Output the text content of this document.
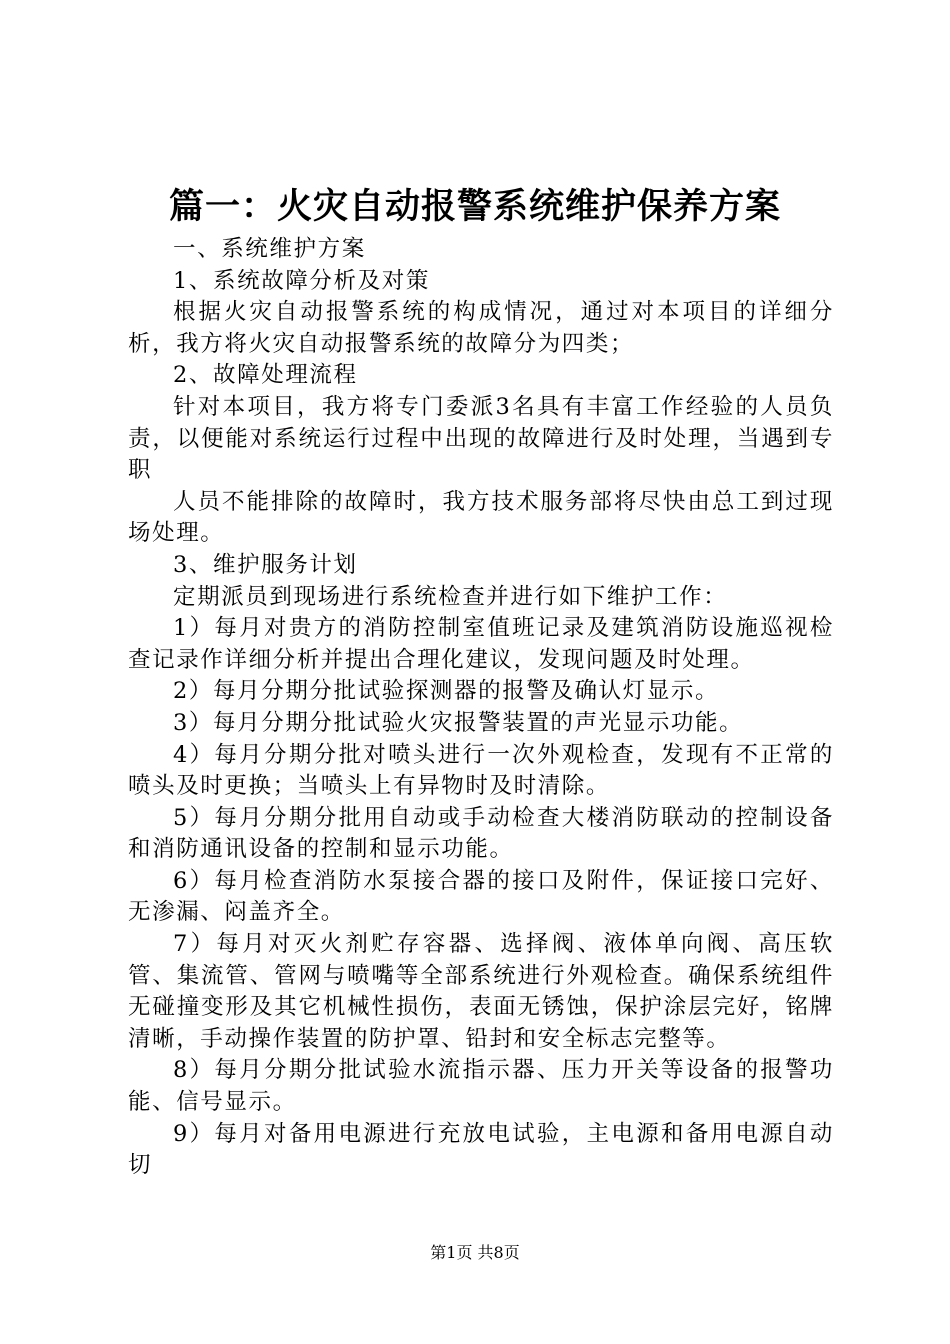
篇一：火灾自动报警系统维护保养方案

一、系统维护方案

1、系统故障分析及对策

根据火灾自动报警系统的构成情况，通过对本项目的详细分析，我方将火灾自动报警系统的故障分为四类；

2、故障处理流程

针对本项目，我方将专门委派3名具有丰富工作经验的人员负责，以便能对系统运行过程中出现的故障进行及时处理，当遇到专职

人员不能排除的故障时，我方技术服务部将尽快由总工到过现场处理。

3、维护服务计划

定期派员到现场进行系统检查并进行如下维护工作：

1）每月对贵方的消防控制室值班记录及建筑消防设施巡视检查记录作详细分析并提出合理化建议，发现问题及时处理。

2）每月分期分批试验探测器的报警及确认灯显示。

3）每月分期分批试验火灾报警装置的声光显示功能。

4）每月分期分批对喷头进行一次外观检查，发现有不正常的喷头及时更换；当喷头上有异物时及时清除。

5）每月分期分批用自动或手动检查大楼消防联动的控制设备和消防通讯设备的控制和显示功能。

6）每月检查消防水泵接合器的接口及附件，保证接口完好、无渗漏、闷盖齐全。

7）每月对灭火剂贮存容器、选择阀、液体单向阀、高压软管、集流管、管网与喷嘴等全部系统进行外观检查。确保系统组件无碰撞变形及其它机械性损伤，表面无锈蚀，保护涂层完好，铭牌清晰，手动操作装置的防护罩、铅封和安全标志完整等。

8）每月分期分批试验水流指示器、压力开关等设备的报警功能、信号显示。

9）每月对备用电源进行充放电试验，主电源和备用电源自动切

第1页 共8页
